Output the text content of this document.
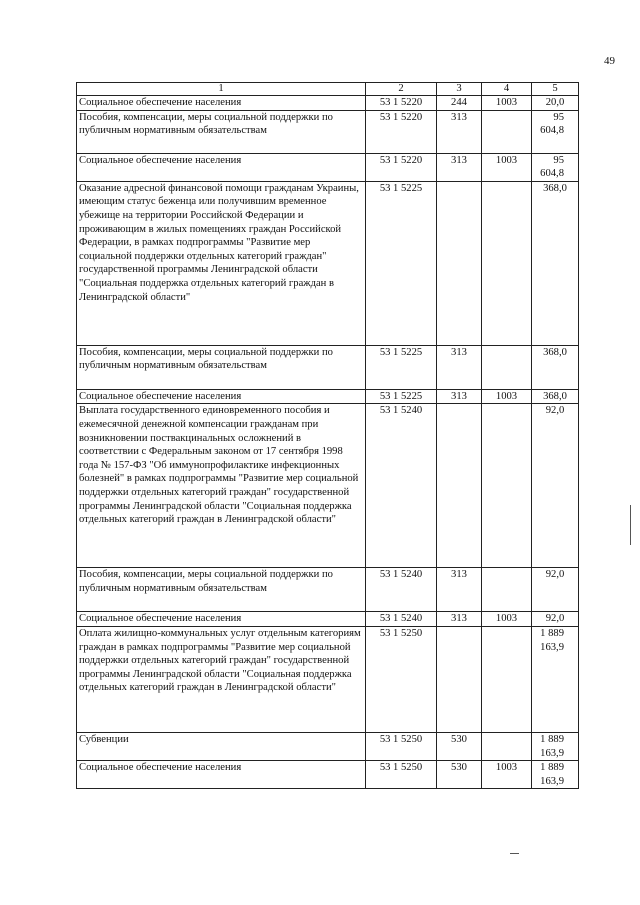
49
1	2	3	4	5
Социальное обеспечение населения	53 1 5220	244	1003	20,0
Пособия, компенсации, меры социальной поддержки по публичным нормативным обязательствам	53 1 5220	313		95 604,8
Социальное обеспечение населения	53 1 5220	313	1003	95 604,8
Оказание адресной финансовой помощи гражданам Украины, имеющим статус беженца или получившим временное убежище на территории Российской Федерации и проживающим в жилых помещениях граждан Российской Федерации, в рамках подпрограммы "Развитие мер социальной поддержки отдельных категорий граждан" государственной программы Ленинградской области "Социальная поддержка отдельных категорий граждан в Ленинградской области"	53 1 5225			368,0
Пособия, компенсации, меры социальной поддержки по публичным нормативным обязательствам	53 1 5225	313		368,0
Социальное обеспечение населения	53 1 5225	313	1003	368,0
Выплата государственного единовременного пособия и ежемесячной денежной компенсации гражданам при возникновении поствакцинальных осложнений в соответствии с Федеральным законом от 17 сентября 1998 года № 157-ФЗ "Об иммунопрофилактике инфекционных болезней" в рамках подпрограммы "Развитие мер социальной поддержки отдельных категорий граждан" государственной программы Ленинградской области "Социальная поддержка отдельных категорий граждан в Ленинградской области"	53 1 5240			92,0
Пособия, компенсации, меры социальной поддержки по публичным нормативным обязательствам	53 1 5240	313		92,0
Социальное обеспечение населения	53 1 5240	313	1003	92,0
Оплата жилищно-коммунальных услуг отдельным категориям граждан в рамках подпрограммы "Развитие мер социальной поддержки отдельных категорий граждан" государственной программы Ленинградской области "Социальная поддержка отдельных категорий граждан в Ленинградской области"	53 1 5250			1 889 163,9
Субвенции	53 1 5250	530		1 889 163,9
Социальное обеспечение населения	53 1 5250	530	1003	1 889 163,9
